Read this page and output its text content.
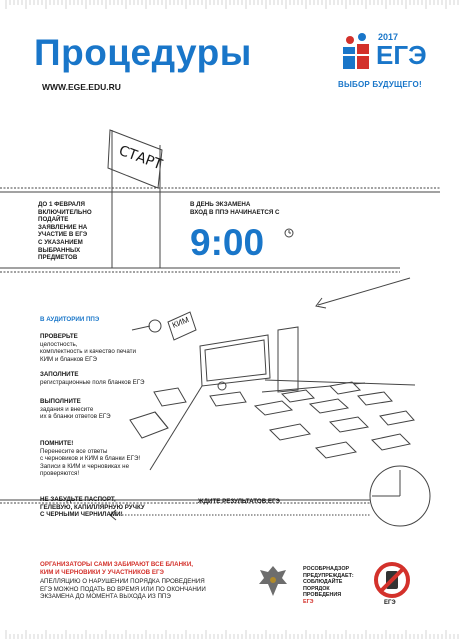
Процедуры
WWW.EGE.EDU.RU
2017
ЕГЭ
ВЫБОР БУДУЩЕГО!
СТАРТ
КИМ
ДО 1 ФЕВРАЛЯ
ВКЛЮЧИТЕЛЬНО
ПОДАЙТЕ
ЗАЯВЛЕНИЕ НА
УЧАСТИЕ В ЕГЭ
С УКАЗАНИЕМ
ВЫБРАННЫХ
ПРЕДМЕТОВ
В ДЕНЬ ЭКЗАМЕНА
ВХОД В ППЭ НАЧИНАЕТСЯ С
9:00
В АУДИТОРИИ ППЭ
ПРОВЕРЬТЕ
целостность,
комплектность и качество печати
КИМ и бланков ЕГЭ
ЗАПОЛНИТЕ
регистрационные поля бланков ЕГЭ
ВЫПОЛНИТЕ
задания и внесите
их в бланки ответов ЕГЭ
ПОМНИТЕ!
Перенесите все ответы
с черновиков и КИМ в бланки ЕГЭ!
Записи в КИМ и черновиках не
проверяются!
НЕ ЗАБУДЬТЕ ПАСПОРТ,
ГЕЛЕВУЮ, КАПИЛЛЯРНУЮ РУЧКУ
С ЧЕРНЫМИ ЧЕРНИЛАМИ!
ЖДИТЕ РЕЗУЛЬТАТОВ ЕГЭ
ОРГАНИЗАТОРЫ САМИ ЗАБИРАЮТ ВСЕ БЛАНКИ,
КИМ И ЧЕРНОВИКИ У УЧАСТНИКОВ ЕГЭ
АПЕЛЛЯЦИЮ О НАРУШЕНИИ ПОРЯДКА ПРОВЕДЕНИЯ
ЕГЭ МОЖНО ПОДАТЬ ВО ВРЕМЯ ИЛИ ПО ОКОНЧАНИИ
ЭКЗАМЕНА ДО МОМЕНТА ВЫХОДА ИЗ ППЭ
РОСОБРНАДЗОР
ПРЕДУПРЕЖДАЕТ:
СОБЛЮДАЙТЕ
ПОРЯДОК
ПРОВЕДЕНИЯ
ЕГЭ	ЕГЭ
